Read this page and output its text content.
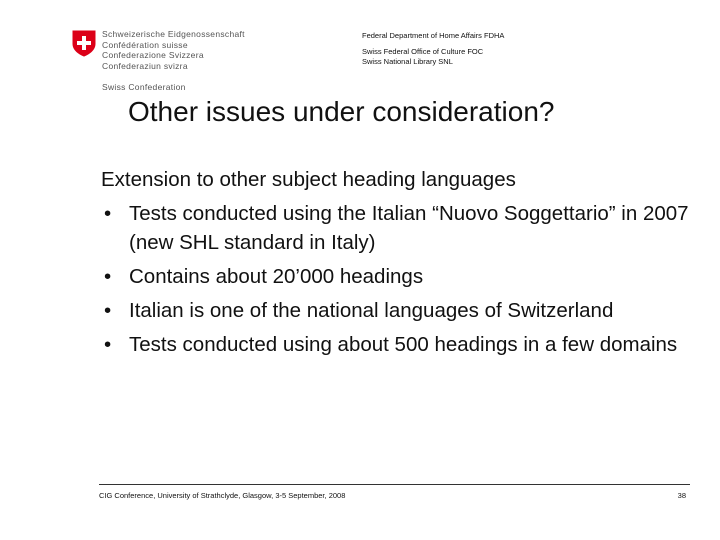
Schweizerische Eidgenossenschaft
Confédération suisse
Confederazione Svizzera
Confederaziun svizra
Swiss Confederation
Federal Department of Home Affairs FDHA
Swiss Federal Office of Culture FOC
Swiss National Library SNL
Other issues under consideration?
Extension to other subject heading languages
• Tests conducted using the Italian “Nuovo Soggettario” in 2007 (new SHL standard in Italy)
• Contains about 20’000 headings
• Italian is one of the national languages of Switzerland
• Tests conducted using about 500 headings in a few domains
CIG Conference, University of Strathclyde, Glasgow, 3-5 September, 2008	38
